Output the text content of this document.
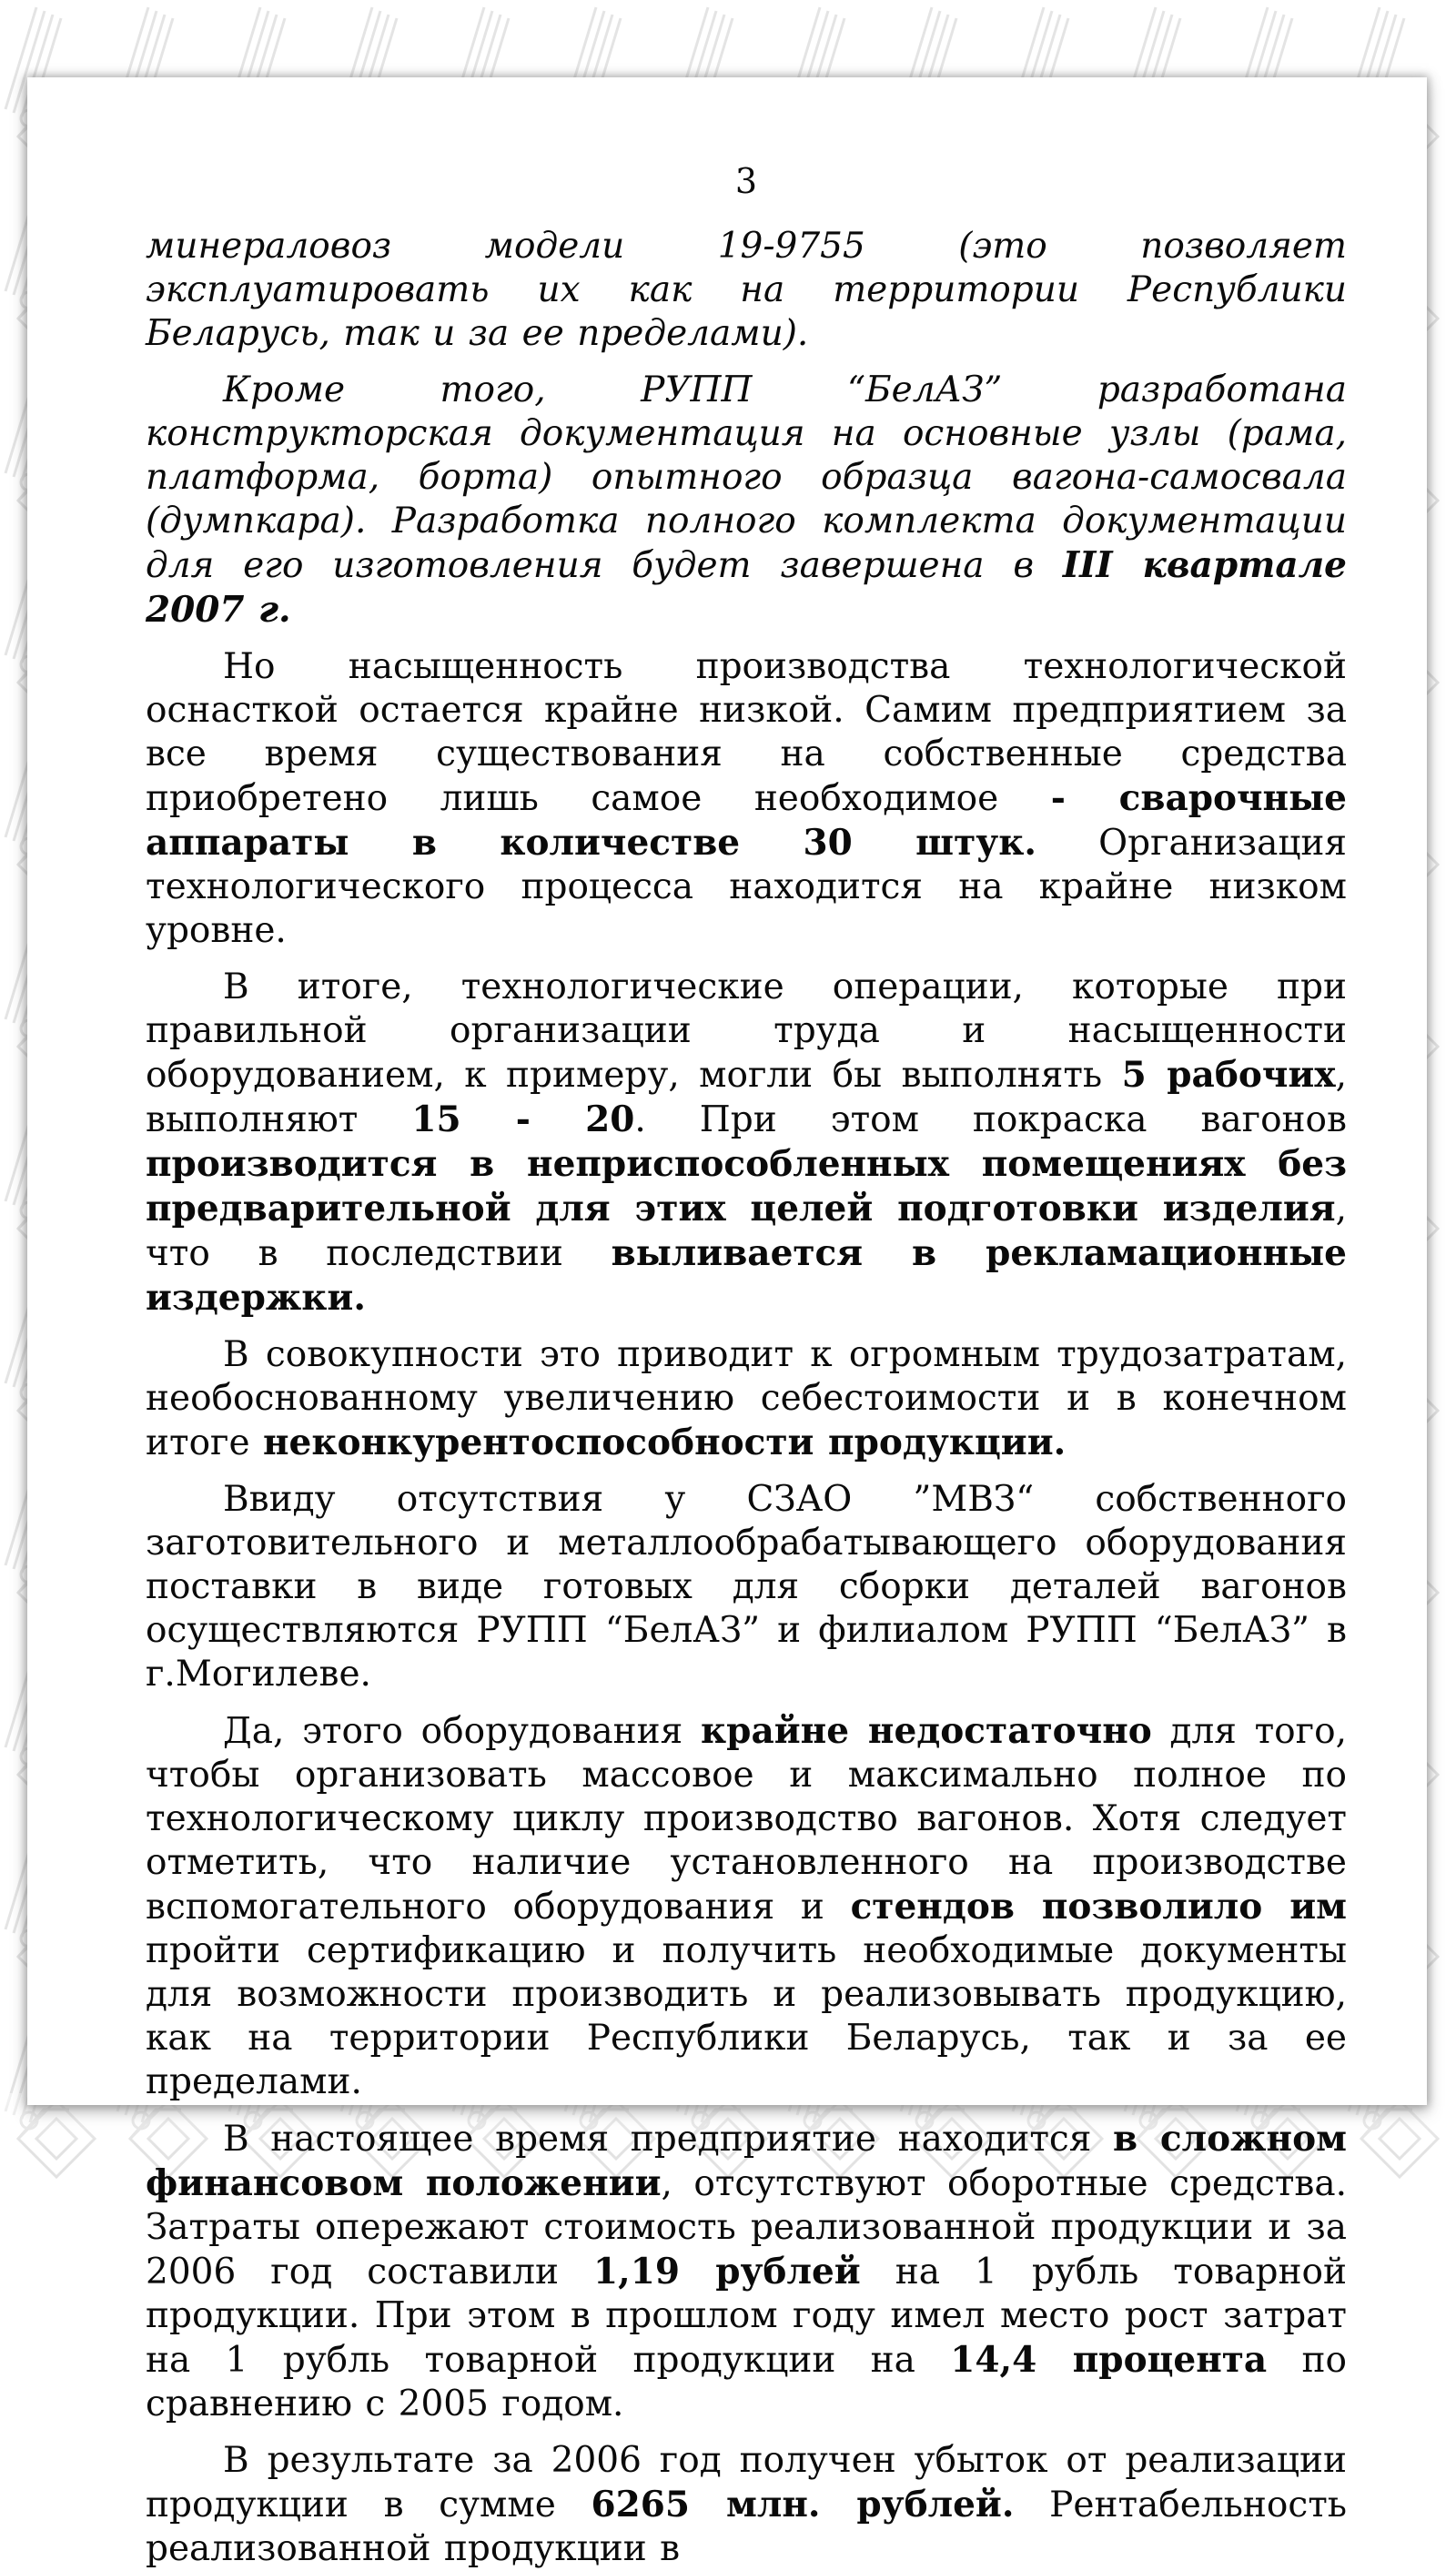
3

минераловоз модели 19-9755 (это позволяет эксплуатировать их как на территории Республики Беларусь, так и за ее пределами).

Кроме того, РУПП “БелАЗ” разработана конструкторская документация на основные узлы (рама, платформа, борта) опытного образца вагона-самосвала (думпкара). Разработка полного комплекта документации для его изготовления будет завершена в III квартале 2007 г.

Но насыщенность производства технологической оснасткой остается крайне низкой. Самим предприятием за все время существования на собственные средства приобретено лишь самое необходимое - сварочные аппараты в количестве 30 штук. Организация технологического процесса находится на крайне низком уровне.

В итоге, технологические операции, которые при правильной организации труда и насыщенности оборудованием, к примеру, могли бы выполнять 5 рабочих, выполняют 15 - 20. При этом покраска вагонов производится в неприспособленных помещениях без предварительной для этих целей подготовки изделия, что в последствии выливается в рекламационные издержки.

В совокупности это приводит к огромным трудозатратам, необоснованному увеличению себестоимости и в конечном итоге неконкурентоспособности продукции.

Ввиду отсутствия у СЗАО ”МВЗ“ собственного заготовительного и металлообрабатывающего оборудования поставки в виде готовых для сборки деталей вагонов осуществляются РУПП “БелАЗ” и филиалом РУПП “БелАЗ” в г.Могилеве.

Да, этого оборудования крайне недостаточно для того, чтобы организовать массовое и максимально полное по технологическому циклу производство вагонов. Хотя следует отметить, что наличие установленного на производстве вспомогательного оборудования и стендов позволило им пройти сертификацию и получить необходимые документы для возможности производить и реализовывать продукцию, как на территории Республики Беларусь, так и за ее пределами.

В настоящее время предприятие находится в сложном финансовом положении, отсутствуют оборотные средства. Затраты опережают стоимость реализованной продукции и за 2006 год составили 1,19 рублей на 1 рубль товарной продукции. При этом в прошлом году имел место рост затрат на 1 рубль товарной продукции на 14,4 процента по сравнению с 2005 годом.

В результате за 2006 год получен убыток от реализации продукции в сумме 6265 млн. рублей. Рентабельность реализованной продукции в
